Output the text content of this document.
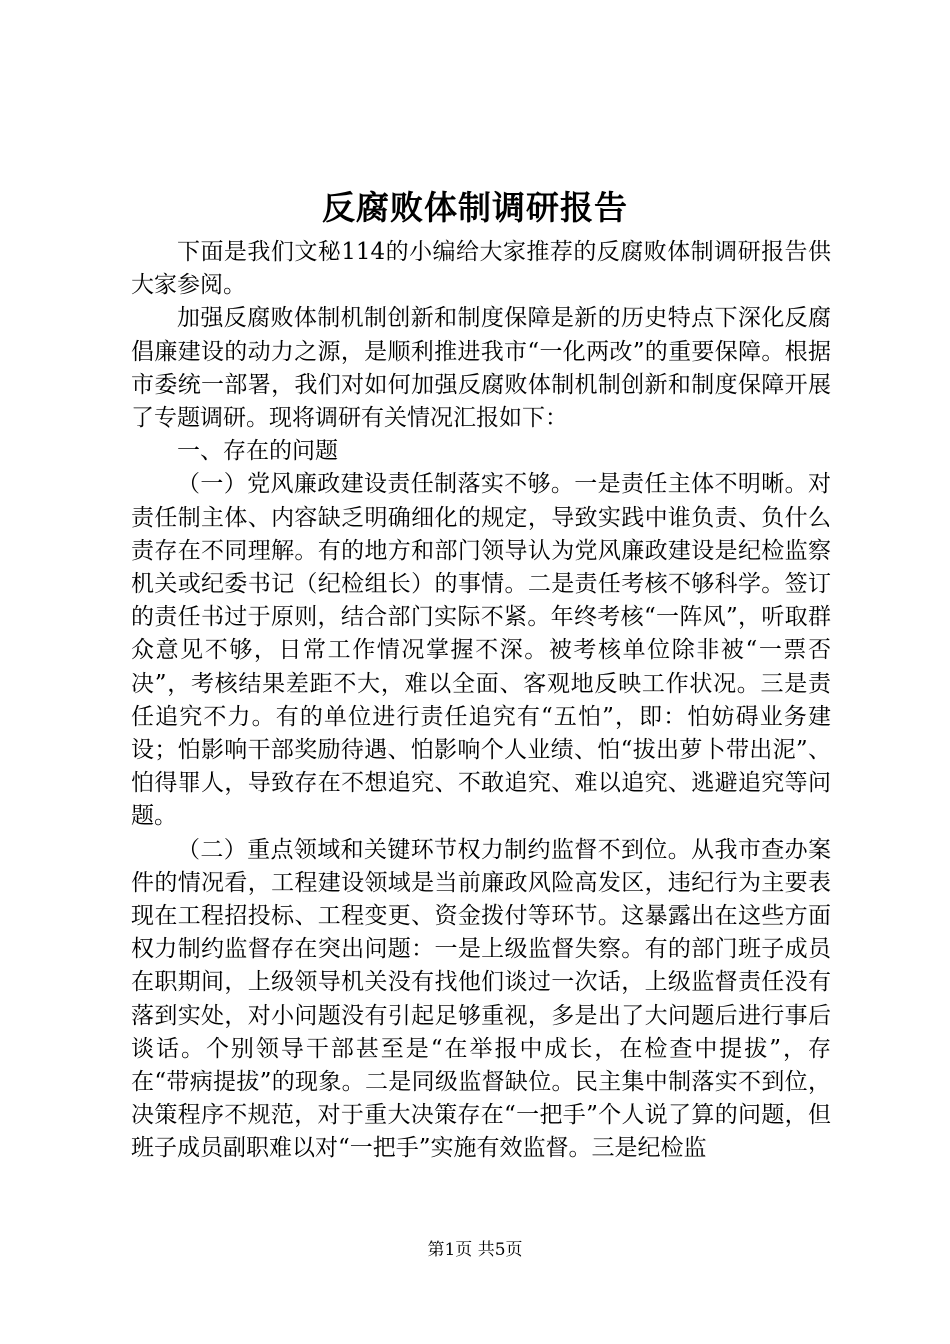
反腐败体制调研报告

下面是我们文秘114的小编给大家推荐的反腐败体制调研报告供大家参阅。

加强反腐败体制机制创新和制度保障是新的历史特点下深化反腐倡廉建设的动力之源，是顺利推进我市“一化两改”的重要保障。根据市委统一部署，我们对如何加强反腐败体制机制创新和制度保障开展了专题调研。现将调研有关情况汇报如下：

一、存在的问题

（一）党风廉政建设责任制落实不够。一是责任主体不明晰。对责任制主体、内容缺乏明确细化的规定，导致实践中谁负责、负什么责存在不同理解。有的地方和部门领导认为党风廉政建设是纪检监察机关或纪委书记（纪检组长）的事情。二是责任考核不够科学。签订的责任书过于原则，结合部门实际不紧。年终考核“一阵风”，听取群众意见不够，日常工作情况掌握不深。被考核单位除非被“一票否决”，考核结果差距不大，难以全面、客观地反映工作状况。三是责任追究不力。有的单位进行责任追究有“五怕”，即：怕妨碍业务建设；怕影响干部奖励待遇、怕影响个人业绩、怕“拔出萝卜带出泥”、怕得罪人，导致存在不想追究、不敢追究、难以追究、逃避追究等问题。

（二）重点领域和关键环节权力制约监督不到位。从我市查办案件的情况看，工程建设领域是当前廉政风险高发区，违纪行为主要表现在工程招投标、工程变更、资金拨付等环节。这暴露出在这些方面权力制约监督存在突出问题：一是上级监督失察。有的部门班子成员在职期间，上级领导机关没有找他们谈过一次话，上级监督责任没有落到实处，对小问题没有引起足够重视，多是出了大问题后进行事后谈话。个别领导干部甚至是“在举报中成长，在检查中提拔”，存在“带病提拔”的现象。二是同级监督缺位。民主集中制落实不到位，决策程序不规范，对于重大决策存在“一把手”个人说了算的问题，但班子成员副职难以对“一把手”实施有效监督。三是纪检监

第1页 共5页
